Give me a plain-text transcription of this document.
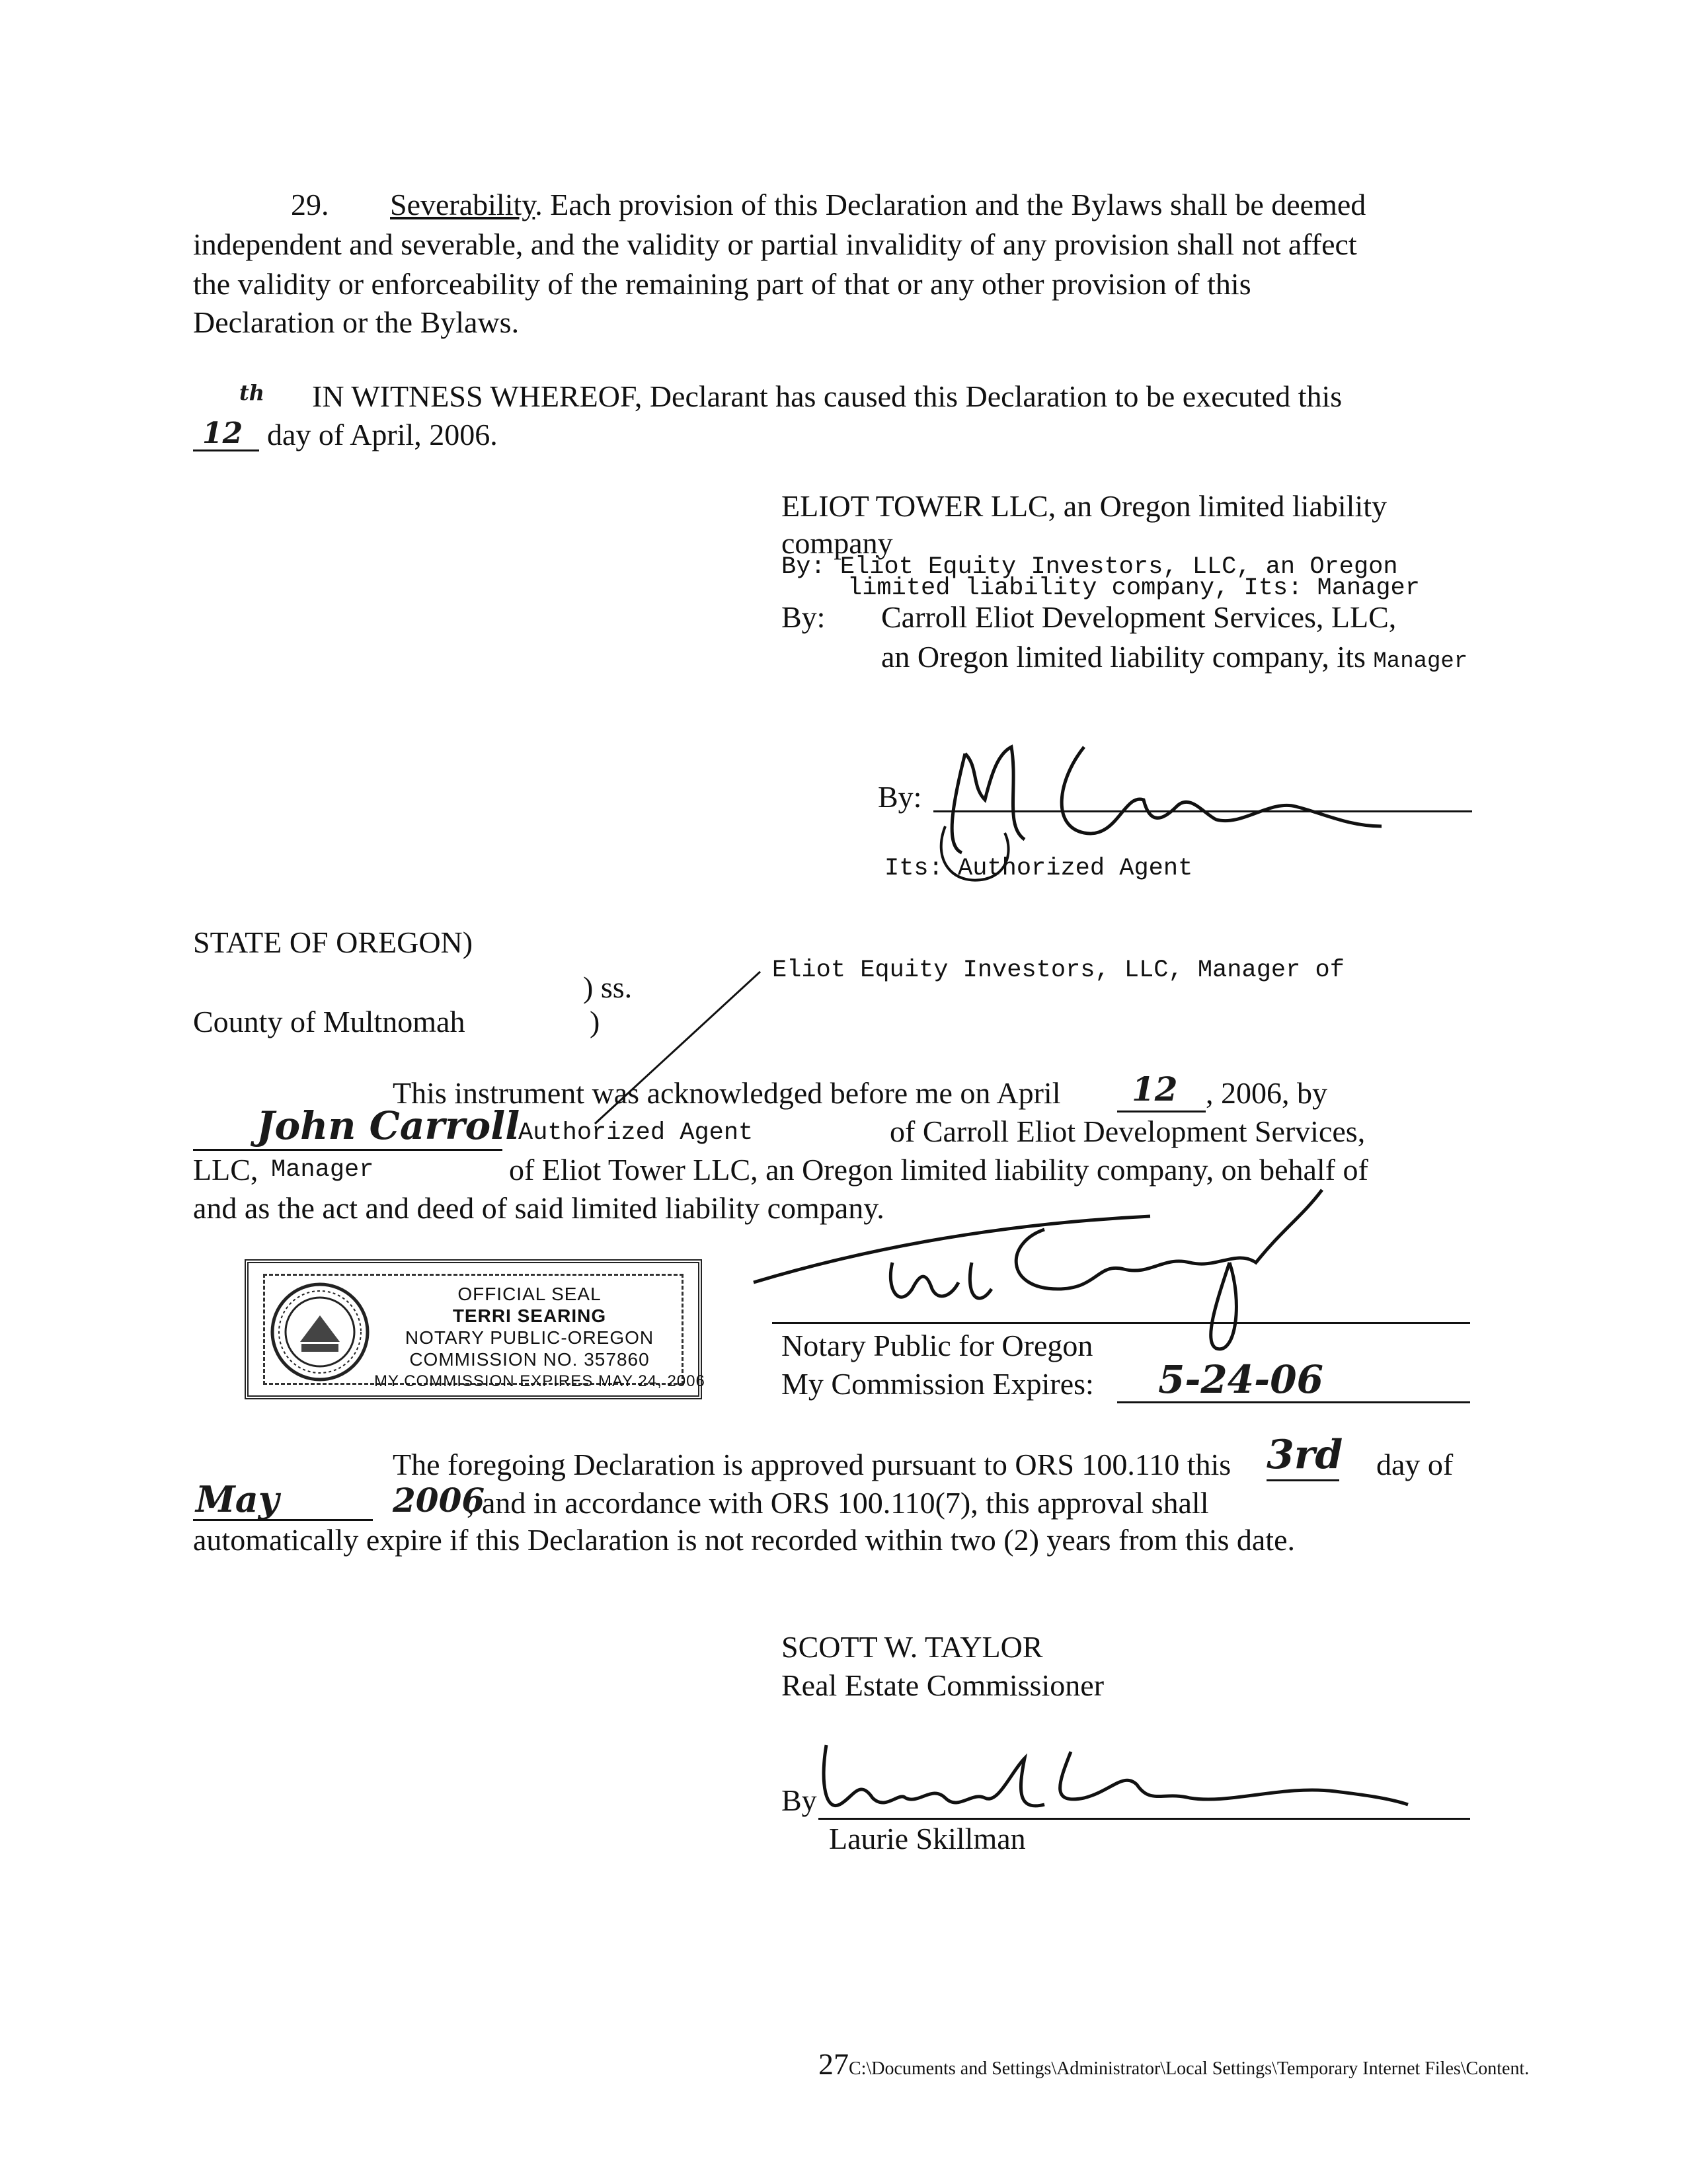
29. Severability. Each provision of this Declaration and the Bylaws shall be deemed
independent and severable, and the validity or partial invalidity of any provision shall not affect
the validity or enforceability of the remaining part of that or any other provision of this
Declaration or the Bylaws.
th IN WITNESS WHEREOF, Declarant has caused this Declaration to be executed this
12 day of April, 2006.
ELIOT TOWER LLC, an Oregon limited liability
company
By: Eliot Equity Investors, LLC, an Oregon
limited liability company, Its: Manager
By: Carroll Eliot Development Services, LLC,
an Oregon limited liability company, its Manager
By:
Its: Authorized Agent
STATE OF OREGON)
Eliot Equity Investors, LLC, Manager of
) ss.
County of Multnomah	)
This instrument was acknowledged before me on April 12 , 2006, by
John Carroll
Authorized Agent	of Carroll Eliot Development Services,
LLC, Manager	of Eliot Tower LLC, an Oregon limited liability company, on behalf of
and as the act and deed of said limited liability company.
OFFICIAL SEAL
TERRI SEARING
NOTARY PUBLIC-OREGON
COMMISSION NO. 357860
MY COMMISSION EXPIRES MAY 24, 2006
Notary Public for Oregon
My Commission Expires: 5-24-06
The foregoing Declaration is approved pursuant to ORS 100.110 this 3rd day of
May	2006
, and in accordance with ORS 100.110(7), this approval shall
automatically expire if this Declaration is not recorded within two (2) years from this date.
SCOTT W. TAYLOR
Real Estate Commissioner
By
Laurie Skillman
27C:\Documents and Settings\Administrator\Local Settings\Temporary Internet Files\Content.
